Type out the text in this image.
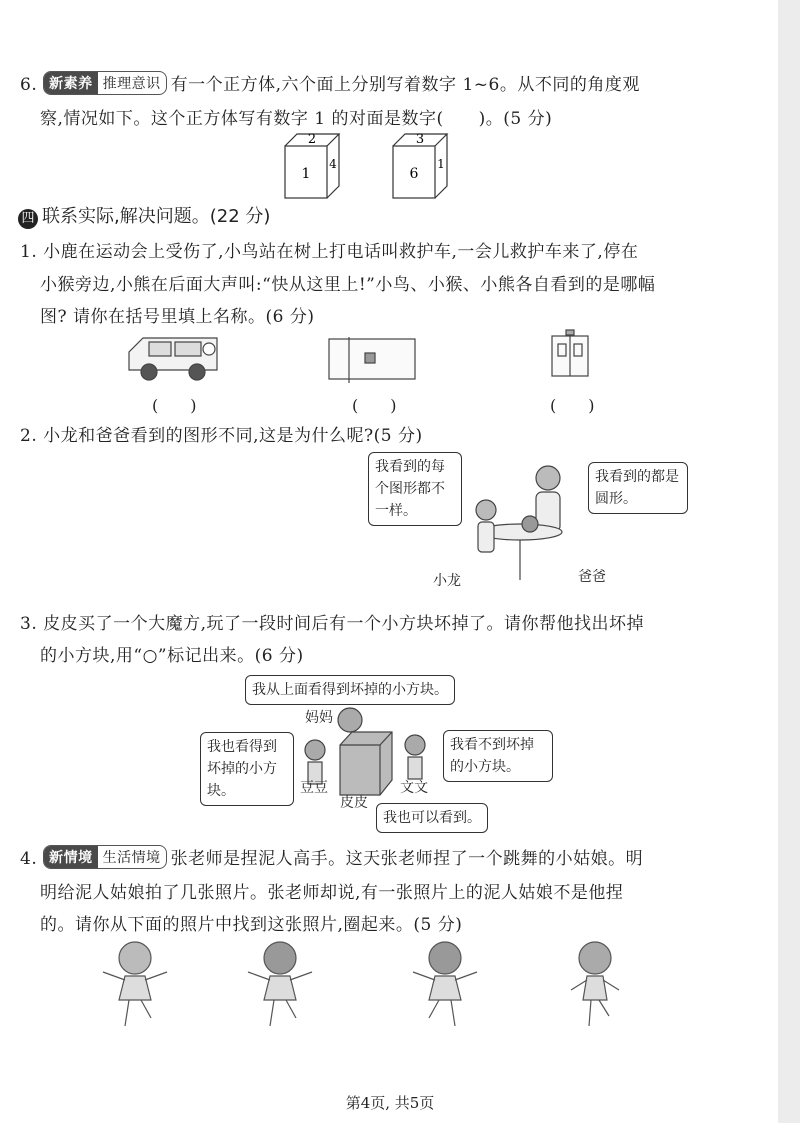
6. 新素养 推理意识 有一个正方体,六个面上分别写着数字 1~6。从不同的角度观
察,情况如下。这个正方体写有数字 1 的对面是数字(　　)。(5 分)
2
1
4
3
6
1
四 联系实际,解决问题。(22 分)
1. 小鹿在运动会上受伤了,小鸟站在树上打电话叫救护车,一会儿救护车来了,停在
小猴旁边,小熊在后面大声叫:“快从这里上!”小鸟、小猴、小熊各自看到的是哪幅
图? 请你在括号里填上名称。(6 分)
(　　)	(　　)	(　　)
2. 小龙和爸爸看到的图形不同,这是为什么呢?(5 分)
我看到的每个图形都不一样。
我看到的都是圆形。
小龙	爸爸
3. 皮皮买了一个大魔方,玩了一段时间后有一个小方块坏掉了。请你帮他找出坏掉
的小方块,用“○”标记出来。(6 分)
我从上面看得到坏掉的小方块。
妈妈
我也看得到坏掉的小方块。
我看不到坏掉的小方块。
豆豆	文文
皮皮
我也可以看到。
4. 新情境 生活情境 张老师是捏泥人高手。这天张老师捏了一个跳舞的小姑娘。明
明给泥人姑娘拍了几张照片。张老师却说,有一张照片上的泥人姑娘不是他捏
的。请你从下面的照片中找到这张照片,圈起来。(5 分)
第4页, 共5页
